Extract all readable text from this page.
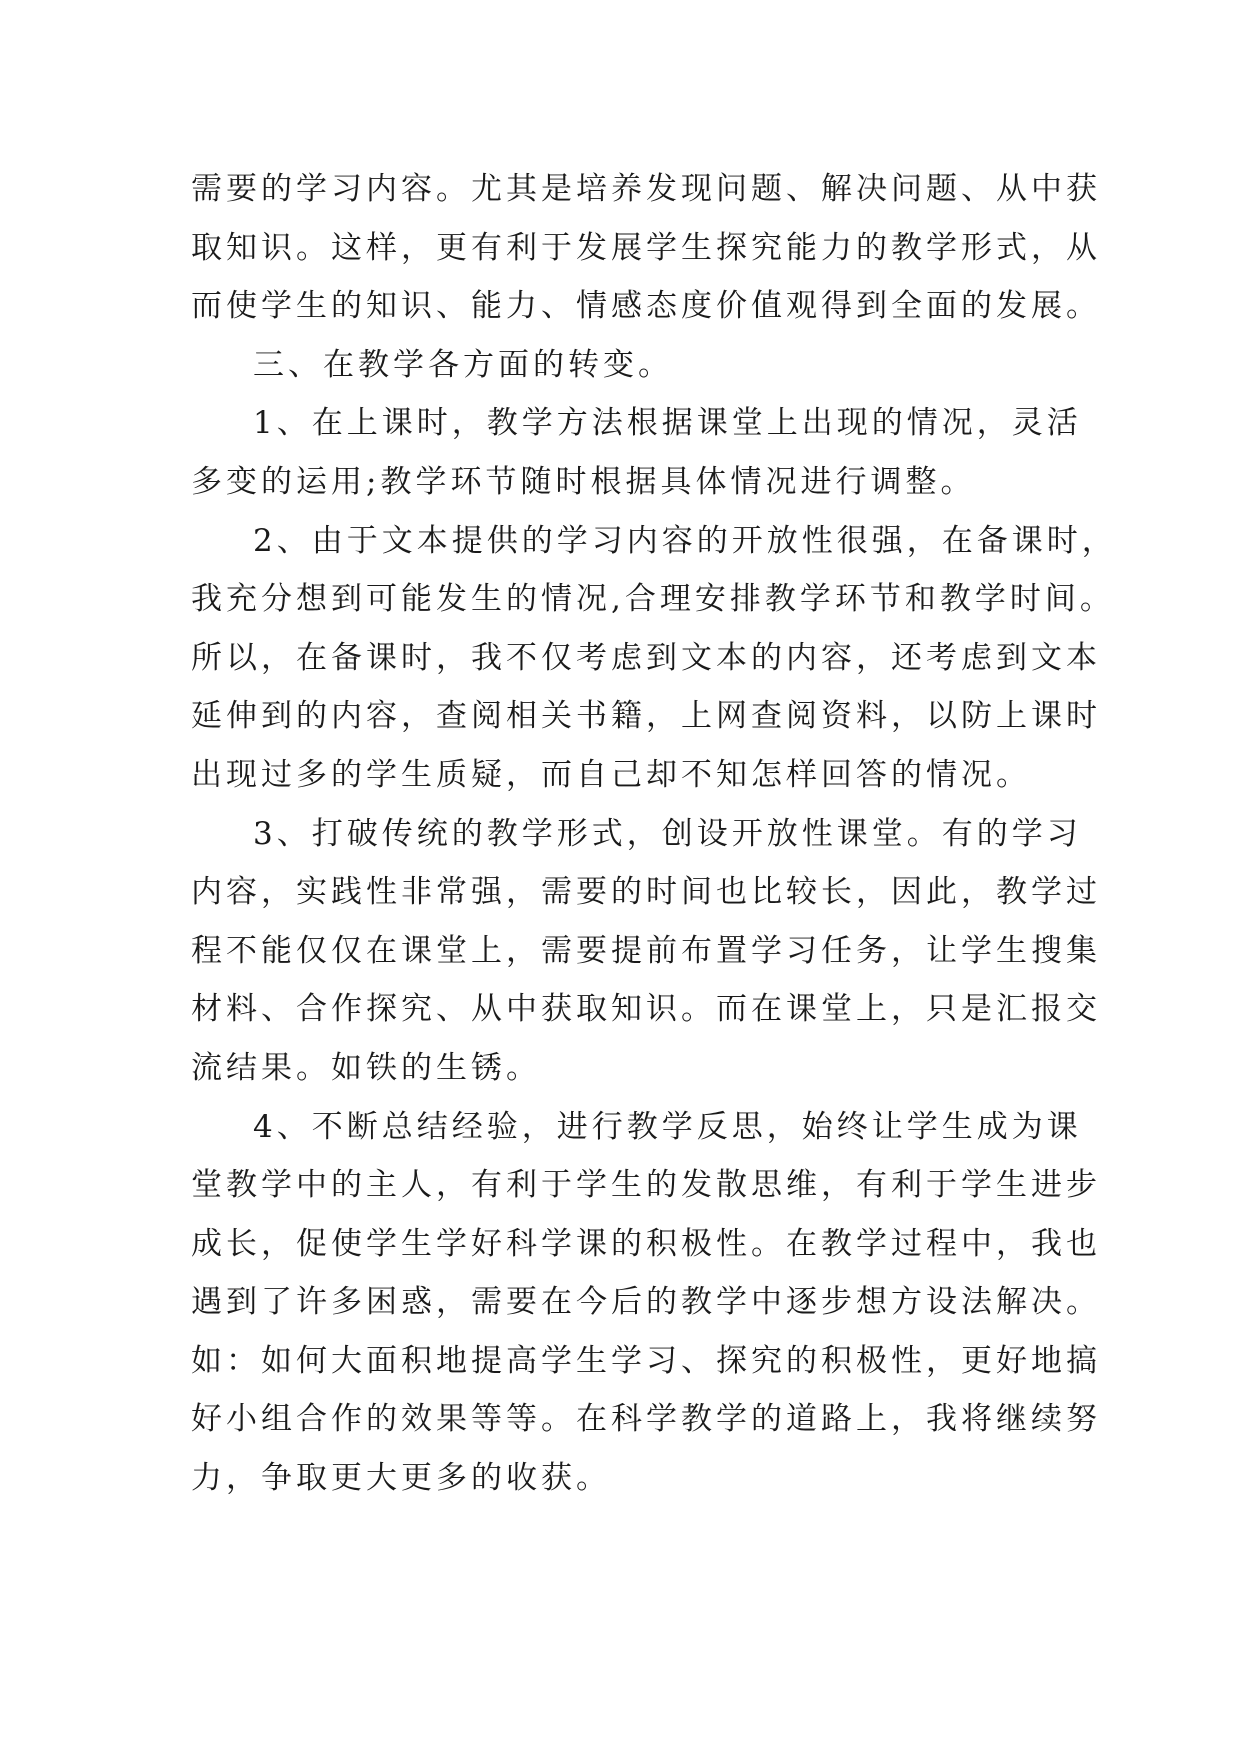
需要的学习内容。尤其是培养发现问题、解决问题、从中获
取知识。这样，更有利于发展学生探究能力的教学形式，从
而使学生的知识、能力、情感态度价值观得到全面的发展。
三、在教学各方面的转变。
1、在上课时，教学方法根据课堂上出现的情况，灵活
多变的运用;教学环节随时根据具体情况进行调整。
2、由于文本提供的学习内容的开放性很强，在备课时，
我充分想到可能发生的情况,合理安排教学环节和教学时间。
所以，在备课时，我不仅考虑到文本的内容，还考虑到文本
延伸到的内容，查阅相关书籍，上网查阅资料，以防上课时
出现过多的学生质疑，而自己却不知怎样回答的情况。
3、打破传统的教学形式，创设开放性课堂。有的学习
内容，实践性非常强，需要的时间也比较长，因此，教学过
程不能仅仅在课堂上，需要提前布置学习任务，让学生搜集
材料、合作探究、从中获取知识。而在课堂上，只是汇报交
流结果。如铁的生锈。
4、不断总结经验，进行教学反思，始终让学生成为课
堂教学中的主人，有利于学生的发散思维，有利于学生进步
成长，促使学生学好科学课的积极性。在教学过程中，我也
遇到了许多困惑，需要在今后的教学中逐步想方设法解决。
如：如何大面积地提高学生学习、探究的积极性，更好地搞
好小组合作的效果等等。在科学教学的道路上，我将继续努
力，争取更大更多的收获。
